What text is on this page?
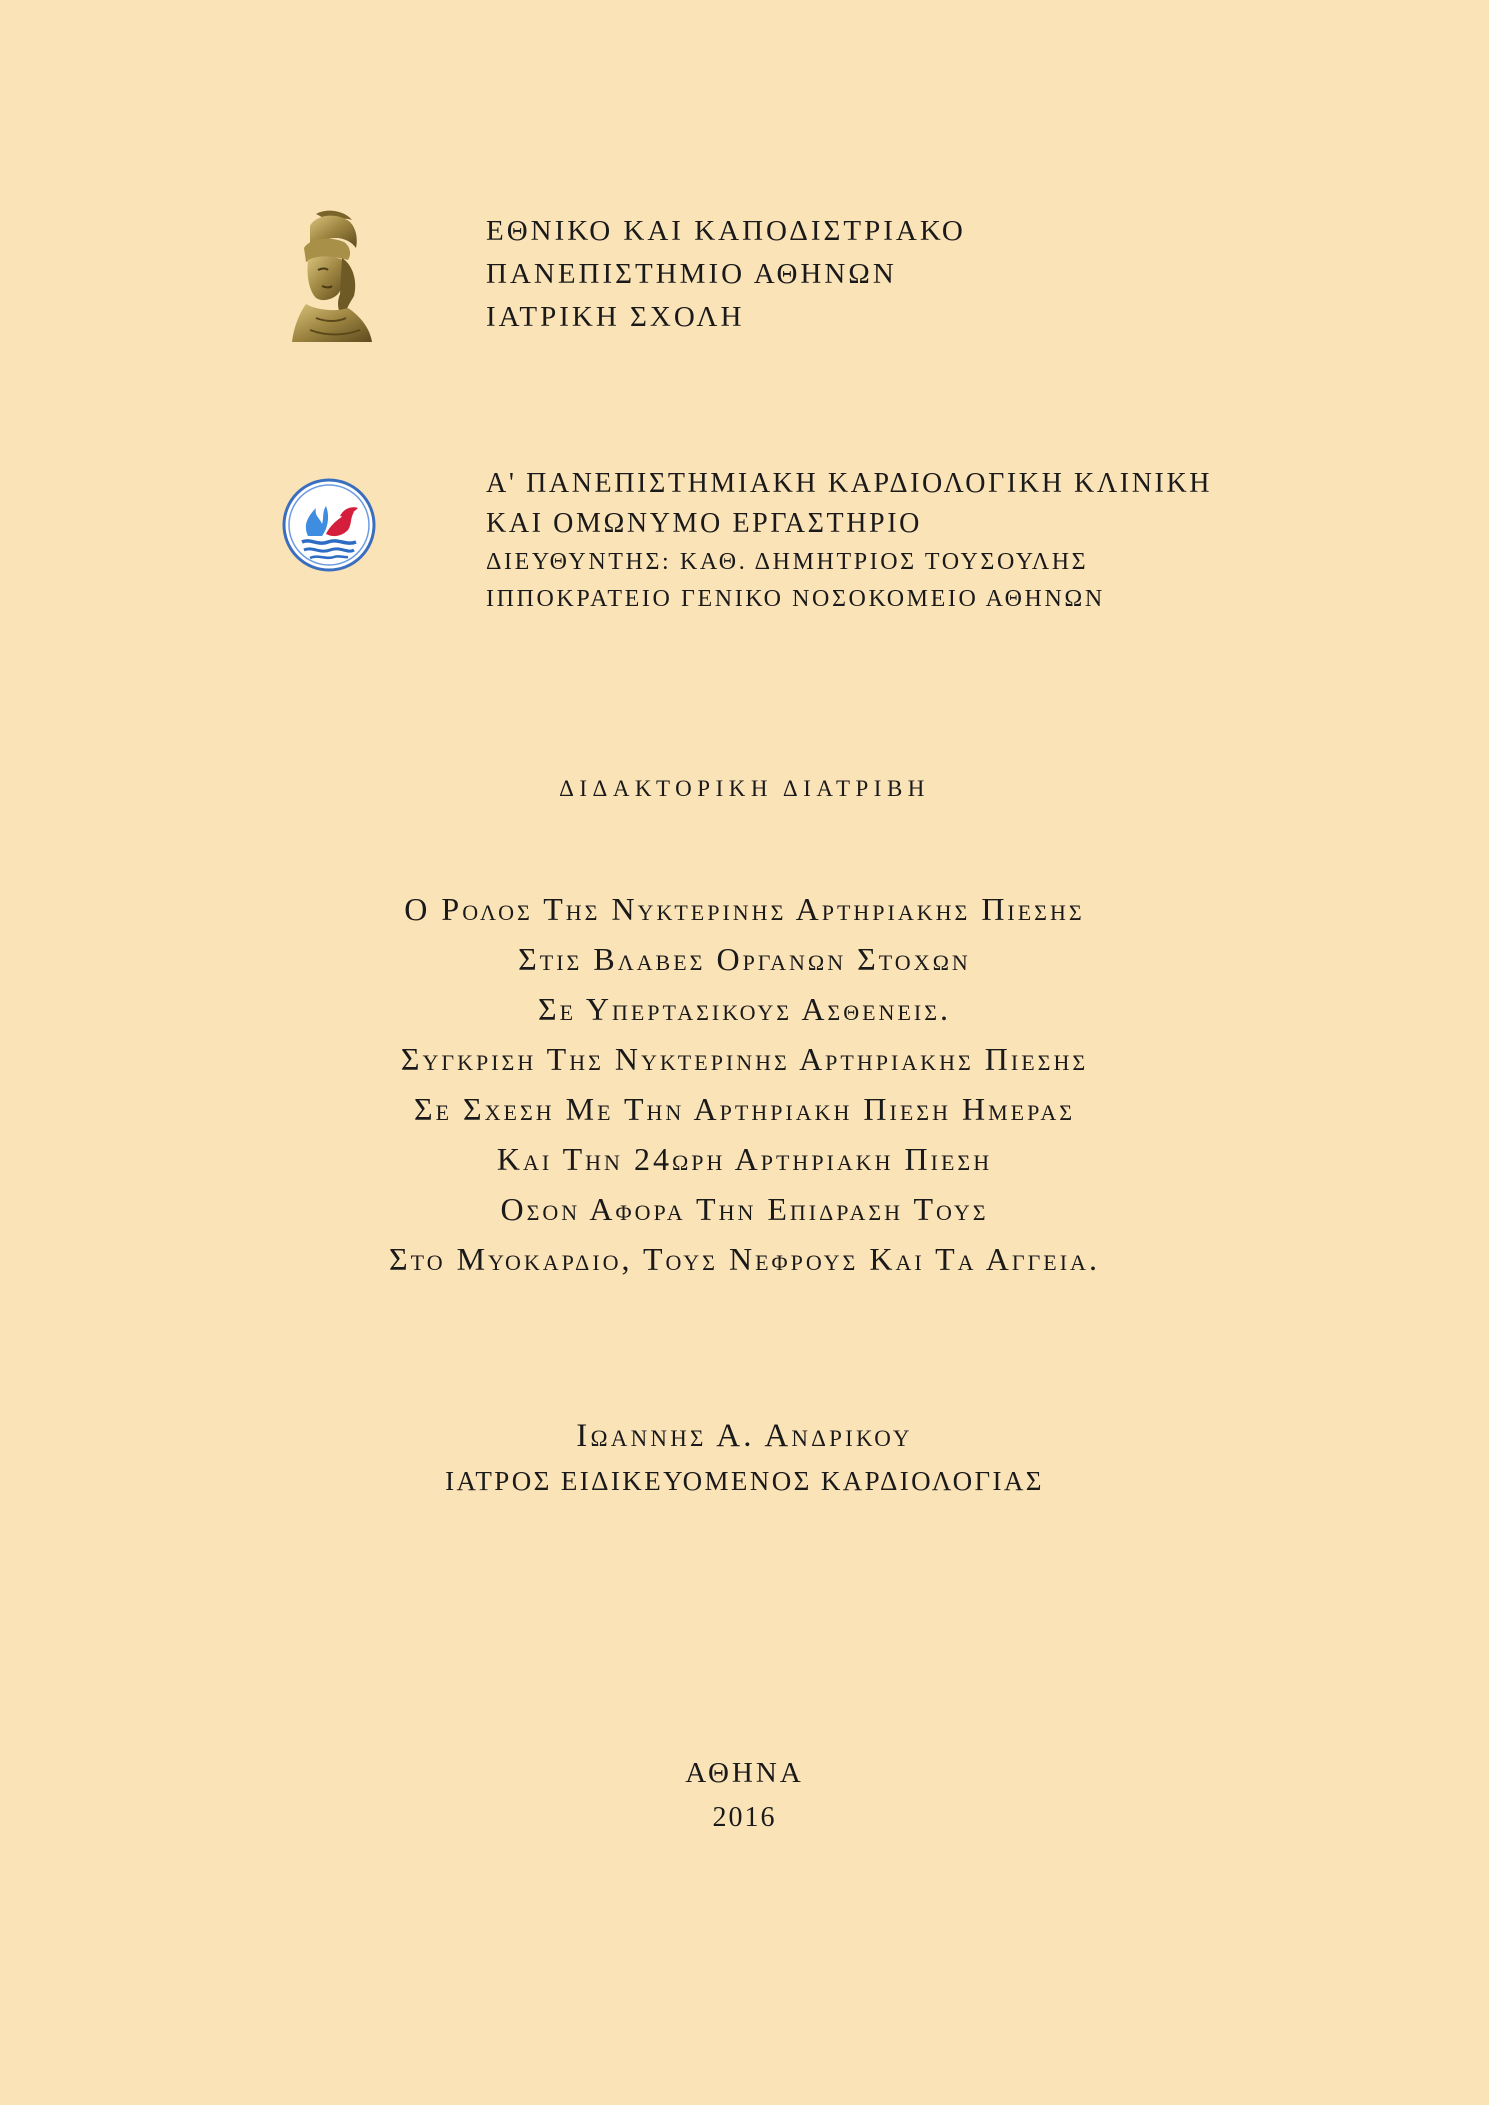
ΕΘΝΙΚΟ ΚΑΙ ΚΑΠΟΔΙΣΤΡΙΑΚΟ
ΠΑΝΕΠΙΣΤΗΜΙΟ ΑΘΗΝΩΝ
ΙΑΤΡΙΚΗ ΣΧΟΛΗ
Α' ΠΑΝΕΠΙΣΤΗΜΙΑΚΗ ΚΑΡΔΙΟΛΟΓΙΚΗ ΚΛΙΝΙΚΗ
ΚΑΙ ΟΜΩΝΥΜΟ ΕΡΓΑΣΤΗΡΙΟ
ΔΙΕΥΘΥΝΤΗΣ: ΚΑΘ. ΔΗΜΗΤΡΙΟΣ ΤΟΥΣΟΥΛΗΣ
ΙΠΠΟΚΡΑΤΕΙΟ ΓΕΝΙΚΟ ΝΟΣΟΚΟΜΕΙΟ ΑΘΗΝΩΝ
ΔΙΔΑΚΤΟΡΙΚΗ ΔΙΑΤΡΙΒΗ
Ο Ρολος Της Νυκτερινης Αρτηριακης Πιεσης
Στις Βλαβες Οργανων Στοχων
Σε Υπερτασικους Ασθενεις.
Συγκριση Της Νυκτερινης Αρτηριακης Πιεσης
Σε Σχεση Με Την Αρτηριακη Πιεση Ημερας
Και Την 24ωρη Αρτηριακη Πιεση
Οσον Αφορα Την Επιδραση Τους
Στο Μυοκαρδιο, Τους Νεφρους Και Τα Αγγεια.
Ιωαννης Α. Ανδρικου
ΙΑΤΡΟΣ ΕΙΔΙΚΕΥΟΜΕΝΟΣ ΚΑΡΔΙΟΛΟΓΙΑΣ
ΑΘΗΝΑ
2016
